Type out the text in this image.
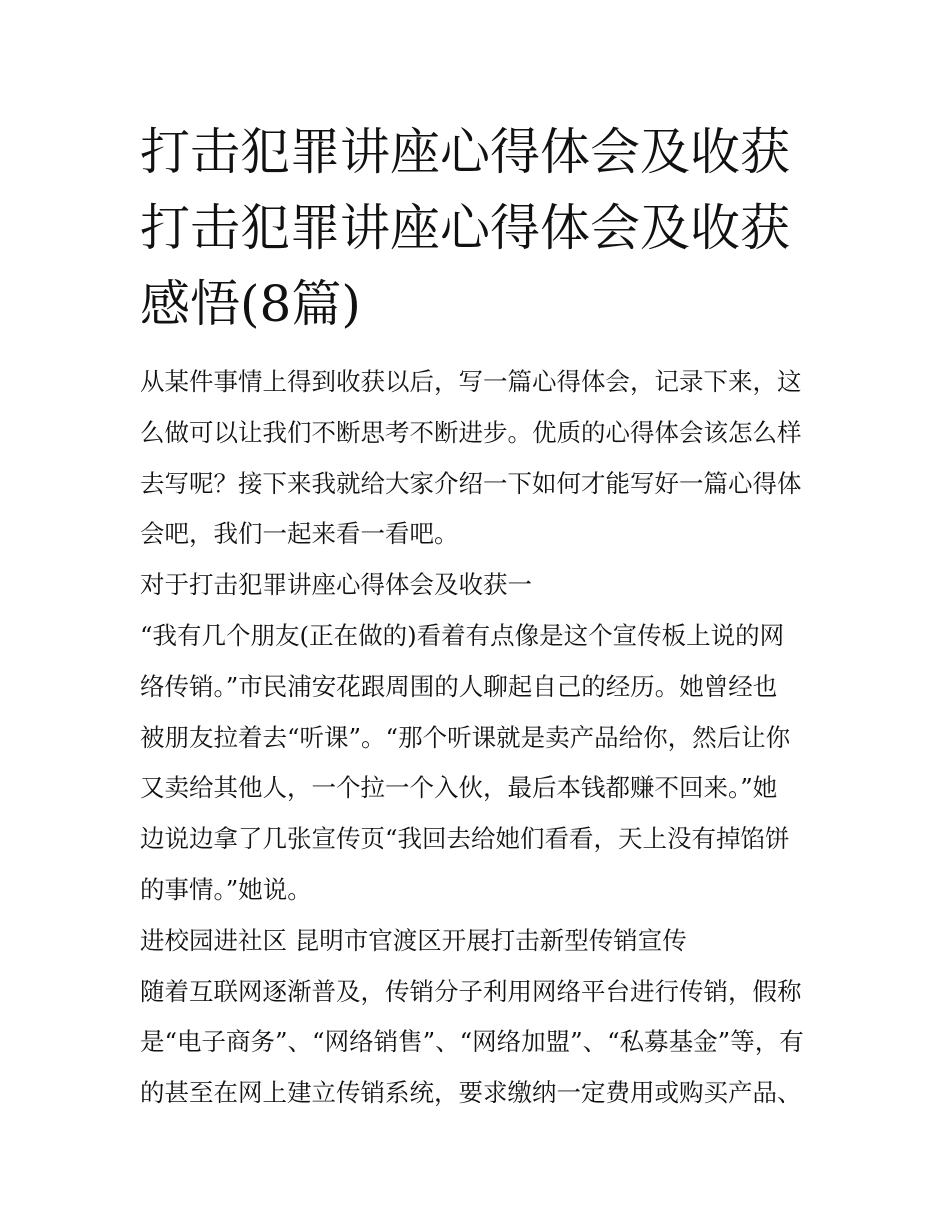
打击犯罪讲座心得体会及收获
打击犯罪讲座心得体会及收获
感悟(8篇)

从某件事情上得到收获以后，写一篇心得体会，记录下来，这
么做可以让我们不断思考不断进步。优质的心得体会该怎么样
去写呢？接下来我就给大家介绍一下如何才能写好一篇心得体
会吧，我们一起来看一看吧。

对于打击犯罪讲座心得体会及收获一

“我有几个朋友(正在做的)看着有点像是这个宣传板上说的网
络传销。”市民浦安花跟周围的人聊起自己的经历。她曾经也
被朋友拉着去“听课”。“那个听课就是卖产品给你，然后让你
又卖给其他人，一个拉一个入伙，最后本钱都赚不回来。”她
边说边拿了几张宣传页“我回去给她们看看，天上没有掉馅饼
的事情。”她说。

进校园进社区 昆明市官渡区开展打击新型传销宣传

随着互联网逐渐普及，传销分子利用网络平台进行传销，假称
是“电子商务”、“网络销售”、“网络加盟”、“私募基金”等，有
的甚至在网上建立传销系统，要求缴纳一定费用或购买产品、
